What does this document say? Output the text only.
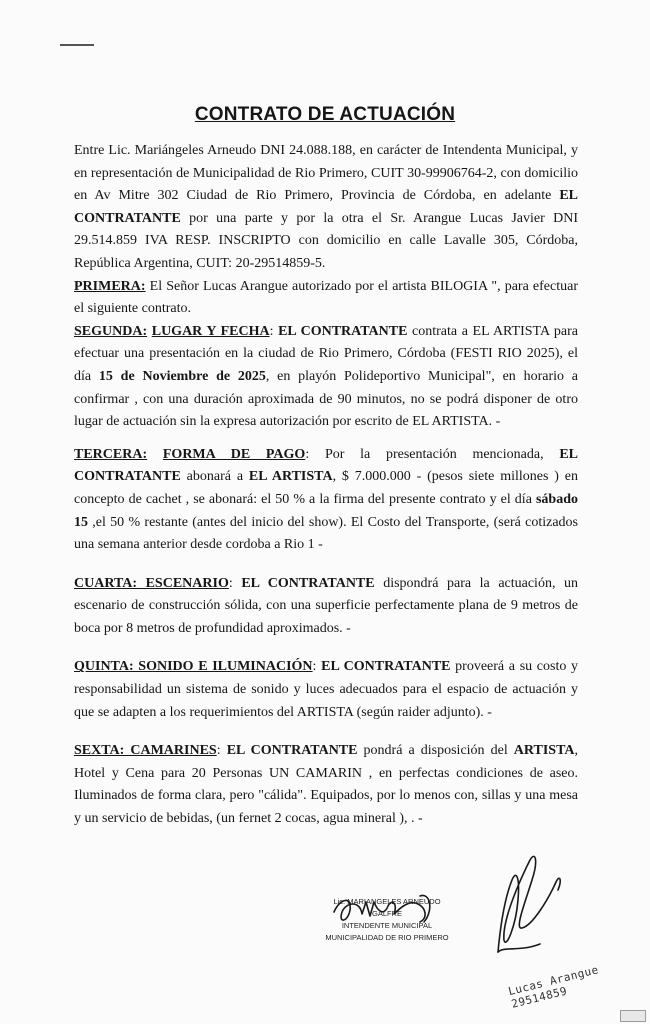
CONTRATO DE ACTUACIÓN

Entre Lic. Mariángeles Arneudo DNI 24.088.188, en carácter de Intendenta Municipal, y en representación de Municipalidad de Rio Primero, CUIT 30-99906764-2, con domicilio en Av Mitre 302 Ciudad de Rio Primero, Provincia de Córdoba, en adelante EL CONTRATANTE por una parte y por la otra el Sr. Arangue Lucas Javier DNI 29.514.859 IVA RESP. INSCRIPTO con domicilio en calle Lavalle 305, Córdoba, República Argentina, CUIT: 20-29514859-5.

PRIMERA: El Señor Lucas Arangue autorizado por el artista BILOGIA ", para efectuar el siguiente contrato.

SEGUNDA: LUGAR Y FECHA: EL CONTRATANTE contrata a EL ARTISTA para efectuar una presentación en la ciudad de Rio Primero, Córdoba (FESTI RIO 2025), el día 15 de Noviembre de 2025, en playón Polideportivo Municipal", en horario a confirmar , con una duración aproximada de 90 minutos, no se podrá disponer de otro lugar de actuación sin la expresa autorización por escrito de EL ARTISTA. -

TERCERA: FORMA DE PAGO: Por la presentación mencionada, EL CONTRATANTE abonará a EL ARTISTA, $ 7.000.000 - (pesos siete millones ) en concepto de cachet , se abonará: el 50 % a la firma del presente contrato y el día sábado 15 ,el 50 % restante (antes del inicio del show). El Costo del Transporte, (será cotizados una semana anterior desde cordoba a Rio 1 -

CUARTA: ESCENARIO: EL CONTRATANTE dispondrá para la actuación, un escenario de construcción sólida, con una superficie perfectamente plana de 9 metros de boca por 8 metros de profundidad aproximados. -

QUINTA: SONIDO E ILUMINACIÓN: EL CONTRATANTE proveerá a su costo y responsabilidad un sistema de sonido y luces adecuados para el espacio de actuación y que se adapten a los requerimientos del ARTISTA (según raider adjunto). -

SEXTA: CAMARINES: EL CONTRATANTE pondrá a disposición del ARTISTA, Hotel y Cena para 20 Personas UN CAMARIN , en perfectas condiciones de aseo. Iluminados de forma clara, pero "cálida". Equipados, por lo menos con, sillas y una mesa y un servicio de bebidas, (un fernet 2 cocas, agua mineral ), . -

Lic. MARIANGELES ARNEUDO GALFRE
INTENDENTE MUNICIPAL
MUNICIPALIDAD DE RIO PRIMERO
Lucas Arangue 29514859
